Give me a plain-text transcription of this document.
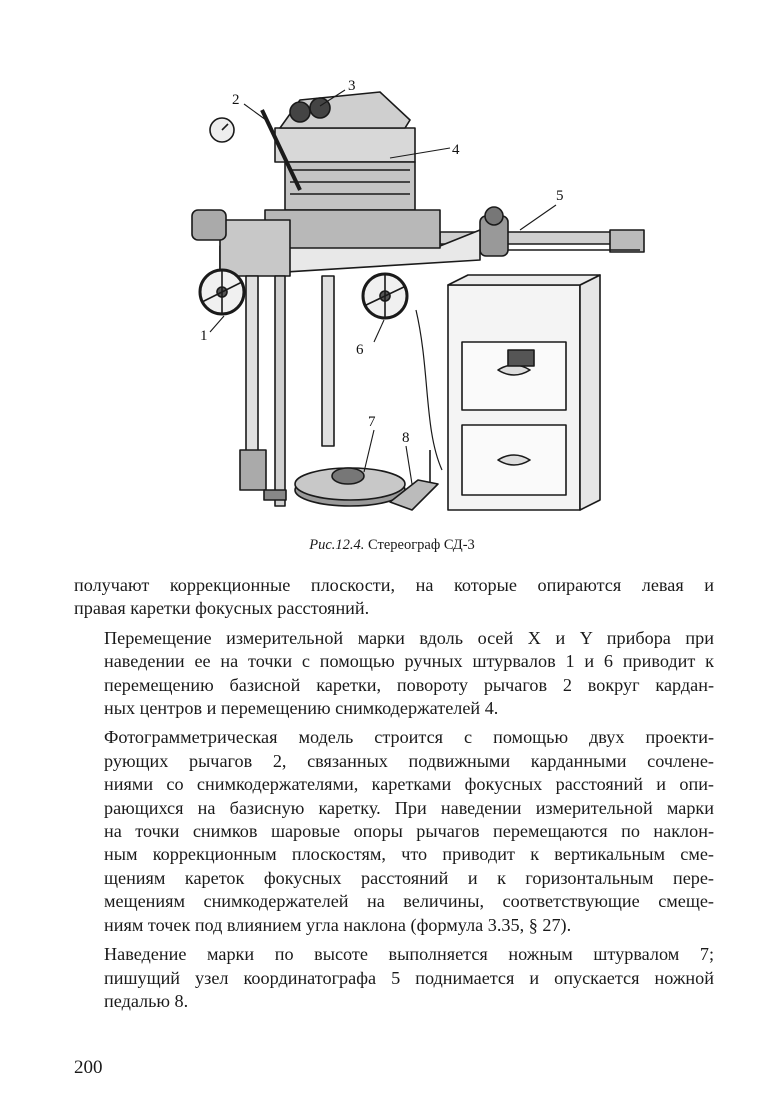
2
3
4
5
1
6
7
8
Рис.12.4. Стереограф СД-3

получают коррекционные плоскости, на которые опираются левая и
правая каретки фокусных расстояний.

Перемещение измерительной марки вдоль осей X и Y прибора при
наведении ее на точки с помощью ручных штурвалов 1 и 6 приводит к
перемещению базисной каретки, повороту рычагов 2 вокруг кардан-
ных центров и перемещению снимкодержателей 4.

Фотограмметрическая модель строится с помощью двух проекти-
рующих рычагов 2, связанных подвижными карданными сочлене-
ниями со снимкодержателями, каретками фокусных расстояний и опи-
рающихся на базисную каретку. При наведении измерительной марки
на точки снимков шаровые опоры рычагов перемещаются по наклон-
ным коррекционным плоскостям, что приводит к вертикальным сме-
щениям кареток фокусных расстояний и к горизонтальным пере-
мещениям снимкодержателей на величины, соответствующие смеще-
ниям точек под влиянием угла наклона (формула 3.35, § 27).

Наведение марки по высоте выполняется ножным штурвалом 7;
пишущий узел координатографа 5 поднимается и опускается ножной
педалью 8.

200
